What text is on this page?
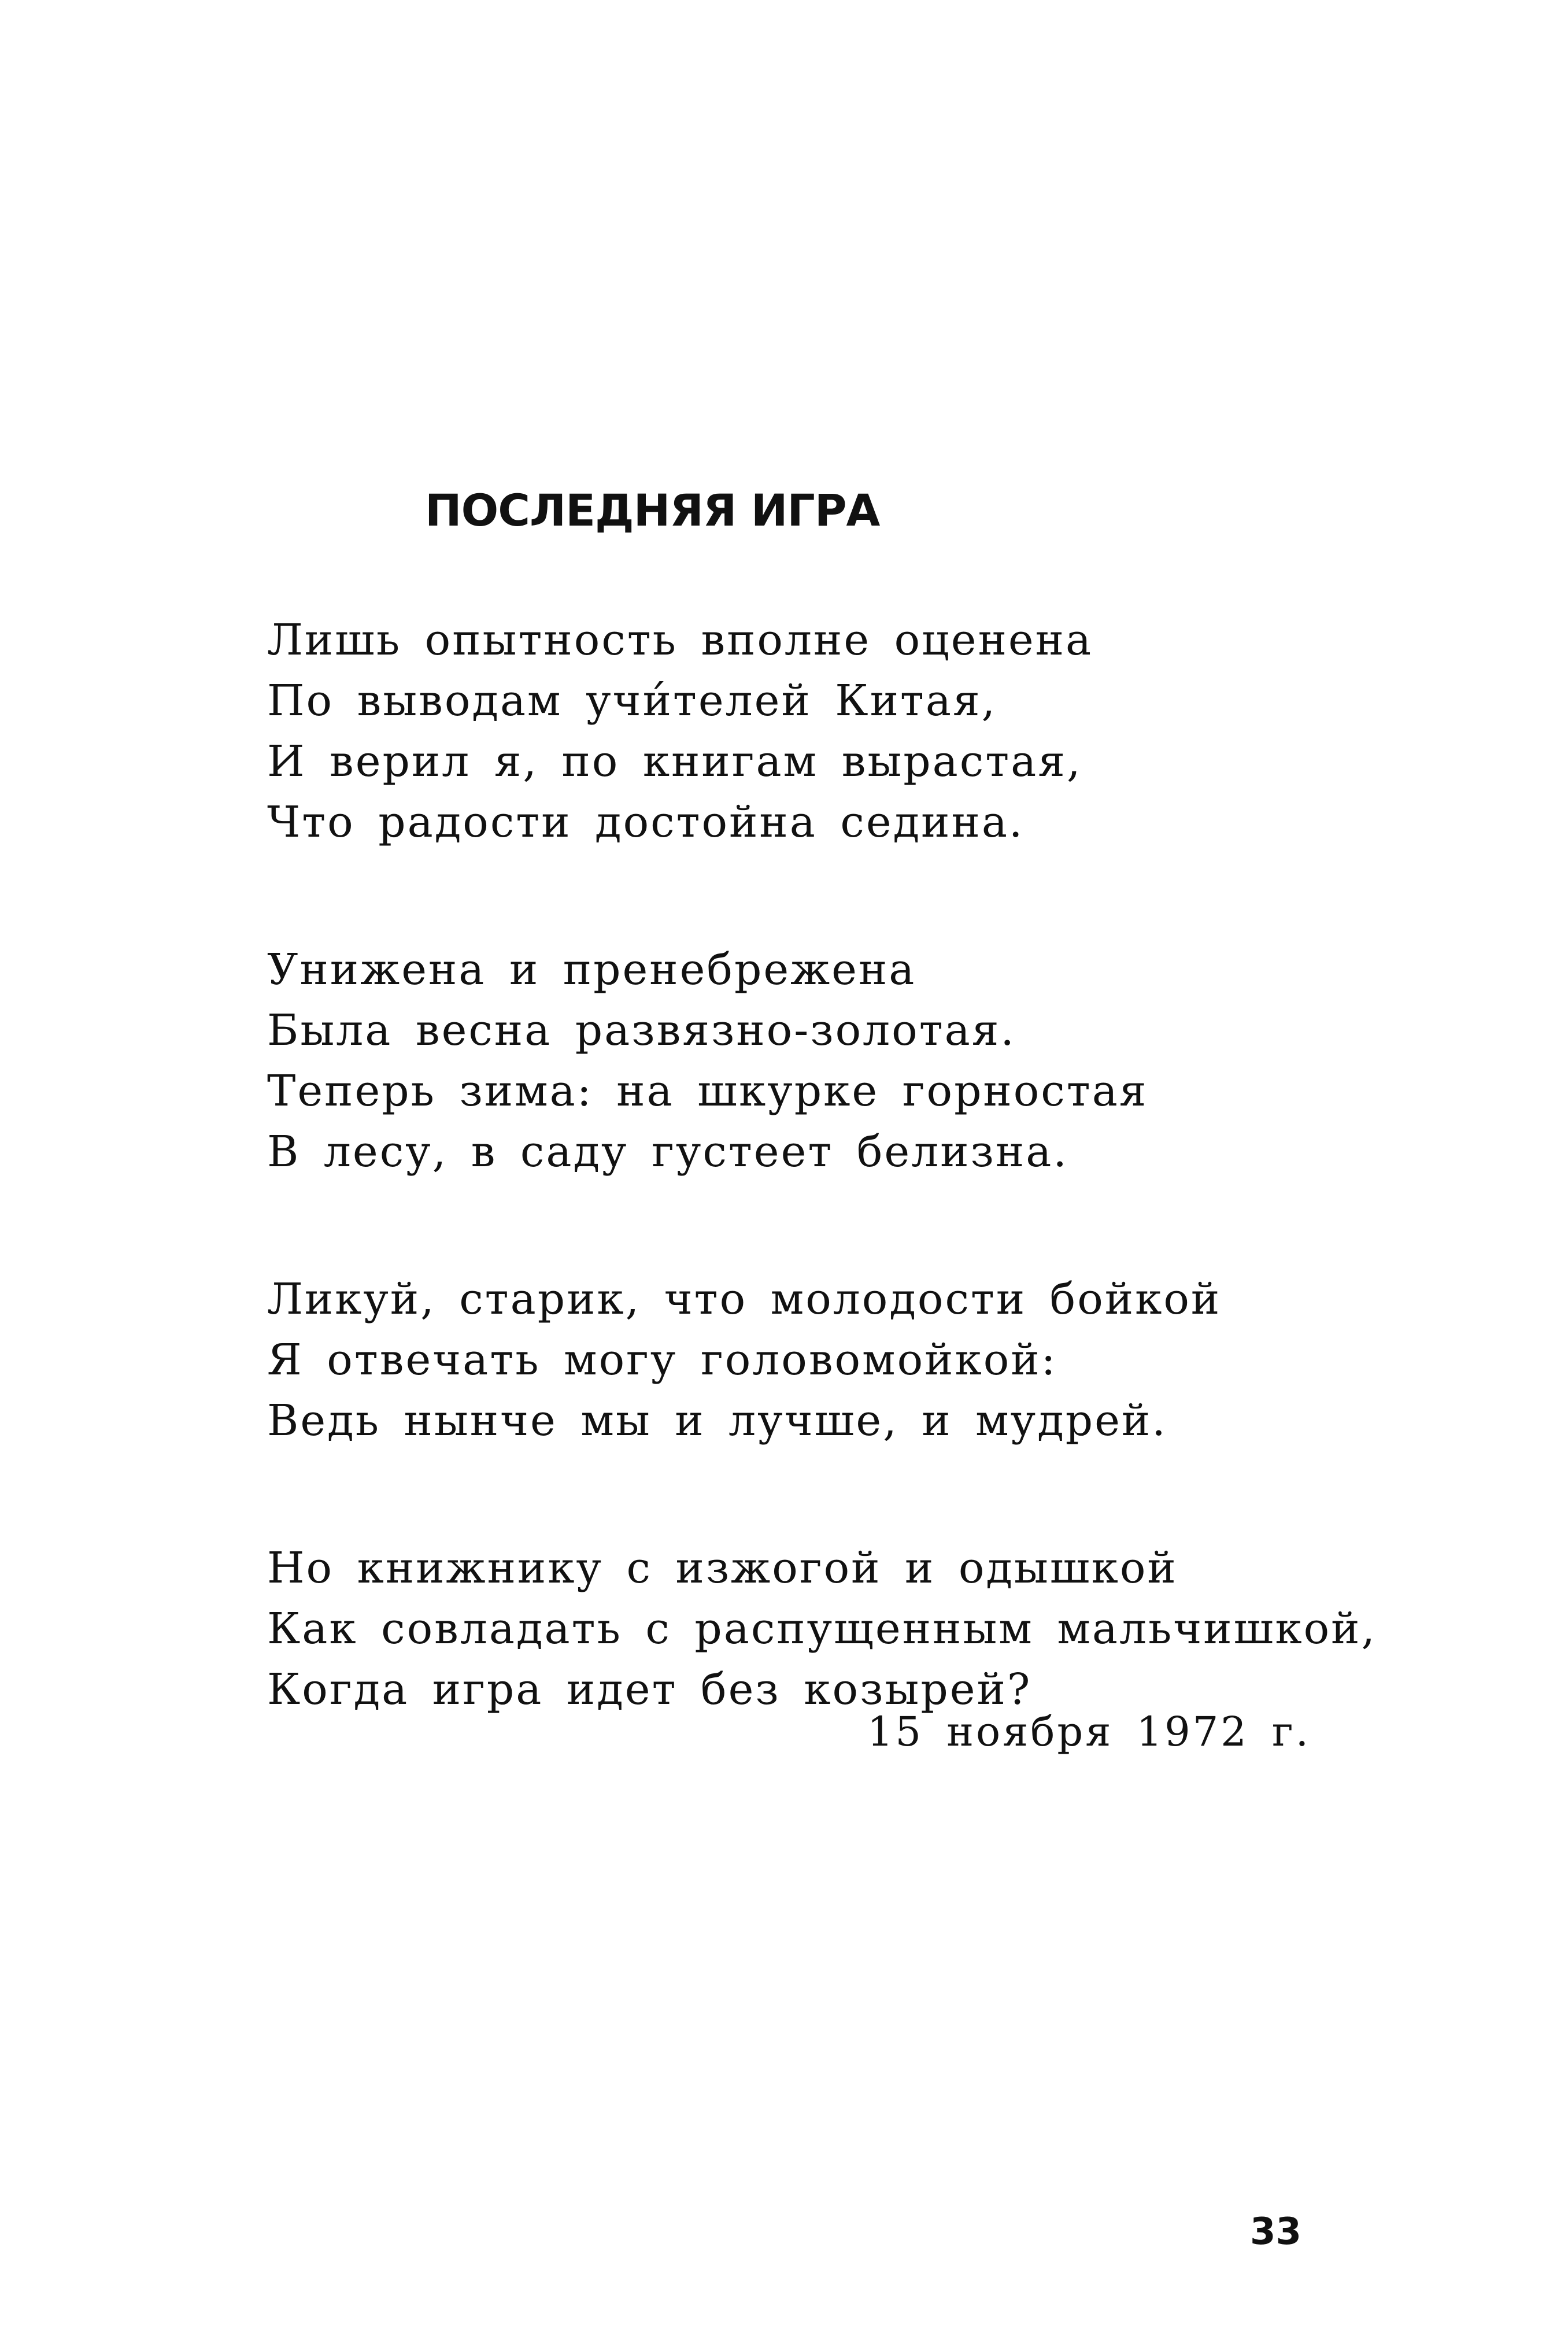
ПОСЛЕДНЯЯ ИГРА
Лишь опытность вполне оценена
По выводам учи́телей Китая,
И верил я, по книгам вырастая,
Что радости достойна седина.
Унижена и пренебрежена
Была весна развязно-золотая.
Теперь зима: на шкурке горностая
В лесу, в саду густеет белизна.
Ликуй, старик, что молодости бойкой
Я отвечать могу головомойкой:
Ведь нынче мы и лучше, и мудрей.
Но книжнику с изжогой и одышкой
Как совладать с распущенным мальчишкой,
Когда игра идет без козырей?
15 ноября 1972 г.
33
